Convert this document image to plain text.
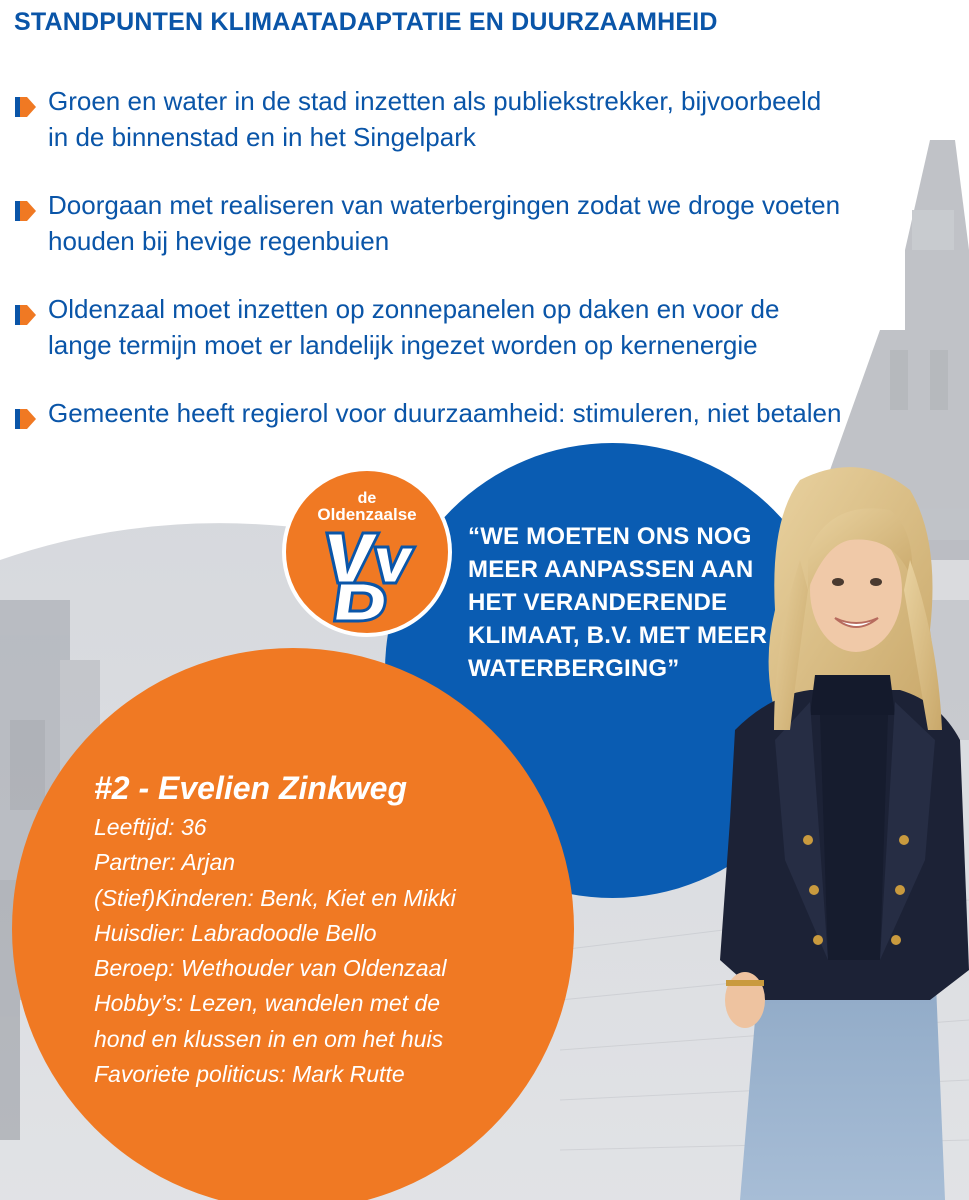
STANDPUNTEN KLIMAATADAPTATIE EN DUURZAAMHEID
Groen en water in de stad inzetten als publiekstrekker, bijvoorbeeld
in de binnenstad en in het Singelpark
Doorgaan met realiseren van waterbergingen zodat we droge voeten
houden bij hevige regenbuien
Oldenzaal moet inzetten op zonnepanelen op daken en voor de
lange termijn moet er landelijk ingezet worden op kernenergie
Gemeente heeft regierol voor duurzaamheid: stimuleren, niet betalen
de
Oldenzaalse
“WE MOETEN ONS NOG
MEER AANPASSEN AAN
HET VERANDERENDE
KLIMAAT, B.V. MET MEER
WATERBERGING”
#2 - Evelien Zinkweg
Leeftijd: 36
Partner: Arjan
(Stief)Kinderen: Benk, Kiet en Mikki
Huisdier: Labradoodle Bello
Beroep: Wethouder van Oldenzaal
Hobby’s: Lezen, wandelen met de
hond en klussen in en om het huis
Favoriete politicus: Mark Rutte
